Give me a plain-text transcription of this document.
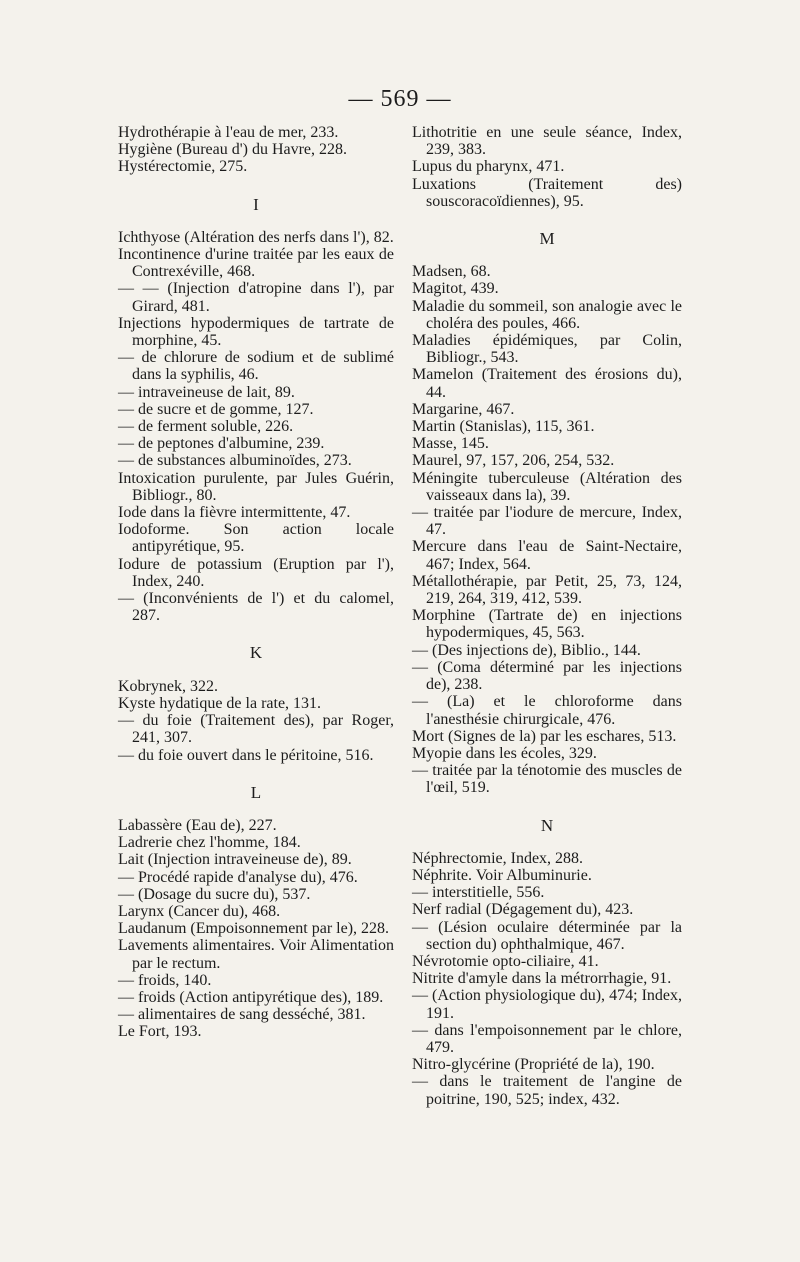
— 569 —
Hydrothérapie à l'eau de mer, 233.
Hygiène (Bureau d') du Havre, 228.
Hystérectomie, 275.
I
Ichthyose (Altération des nerfs dans l'), 82.
Incontinence d'urine traitée par les eaux de Contrexéville, 468.
— — (Injection d'atropine dans l'), par Girard, 481.
Injections hypodermiques de tartrate de morphine, 45.
— de chlorure de sodium et de sublimé dans la syphilis, 46.
— intraveineuse de lait, 89.
— de sucre et de gomme, 127.
— de ferment soluble, 226.
— de peptones d'albumine, 239.
— de substances albuminoïdes, 273.
Intoxication purulente, par Jules Guérin, Bibliogr., 80.
Iode dans la fièvre intermittente, 47.
Iodoforme. Son action locale antipyrétique, 95.
Iodure de potassium (Eruption par l'), Index, 240.
— (Inconvénients de l') et du calomel, 287.
K
Kobrynek, 322.
Kyste hydatique de la rate, 131.
— du foie (Traitement des), par Roger, 241, 307.
— du foie ouvert dans le péritoine, 516.
L
Labassère (Eau de), 227.
Ladrerie chez l'homme, 184.
Lait (Injection intraveineuse de), 89.
— Procédé rapide d'analyse du), 476.
— (Dosage du sucre du), 537.
Larynx (Cancer du), 468.
Laudanum (Empoisonnement par le), 228.
Lavements alimentaires. Voir Alimentation par le rectum.
— froids, 140.
— froids (Action antipyrétique des), 189.
— alimentaires de sang desséché, 381.
Le Fort, 193.
Lithotritie en une seule séance, Index, 239, 383.
Lupus du pharynx, 471.
Luxations (Traitement des) souscoracoïdiennes), 95.
M
Madsen, 68.
Magitot, 439.
Maladie du sommeil, son analogie avec le choléra des poules, 466.
Maladies épidémiques, par Colin, Bibliogr., 543.
Mamelon (Traitement des érosions du), 44.
Margarine, 467.
Martin (Stanislas), 115, 361.
Masse, 145.
Maurel, 97, 157, 206, 254, 532.
Méningite tuberculeuse (Altération des vaisseaux dans la), 39.
— traitée par l'iodure de mercure, Index, 47.
Mercure dans l'eau de Saint-Nectaire, 467; Index, 564.
Métallothérapie, par Petit, 25, 73, 124, 219, 264, 319, 412, 539.
Morphine (Tartrate de) en injections hypodermiques, 45, 563.
— (Des injections de), Biblio., 144.
— (Coma déterminé par les injections de), 238.
— (La) et le chloroforme dans l'anesthésie chirurgicale, 476.
Mort (Signes de la) par les eschares, 513.
Myopie dans les écoles, 329.
— traitée par la ténotomie des muscles de l'œil, 519.
N
Néphrectomie, Index, 288.
Néphrite. Voir Albuminurie.
— interstitielle, 556.
Nerf radial (Dégagement du), 423.
— (Lésion oculaire déterminée par la section du) ophthalmique, 467.
Névrotomie opto-ciliaire, 41.
Nitrite d'amyle dans la métrorrhagie, 91.
— (Action physiologique du), 474; Index, 191.
— dans l'empoisonnement par le chlore, 479.
Nitro-glycérine (Propriété de la), 190.
— dans le traitement de l'angine de poitrine, 190, 525; index, 432.
